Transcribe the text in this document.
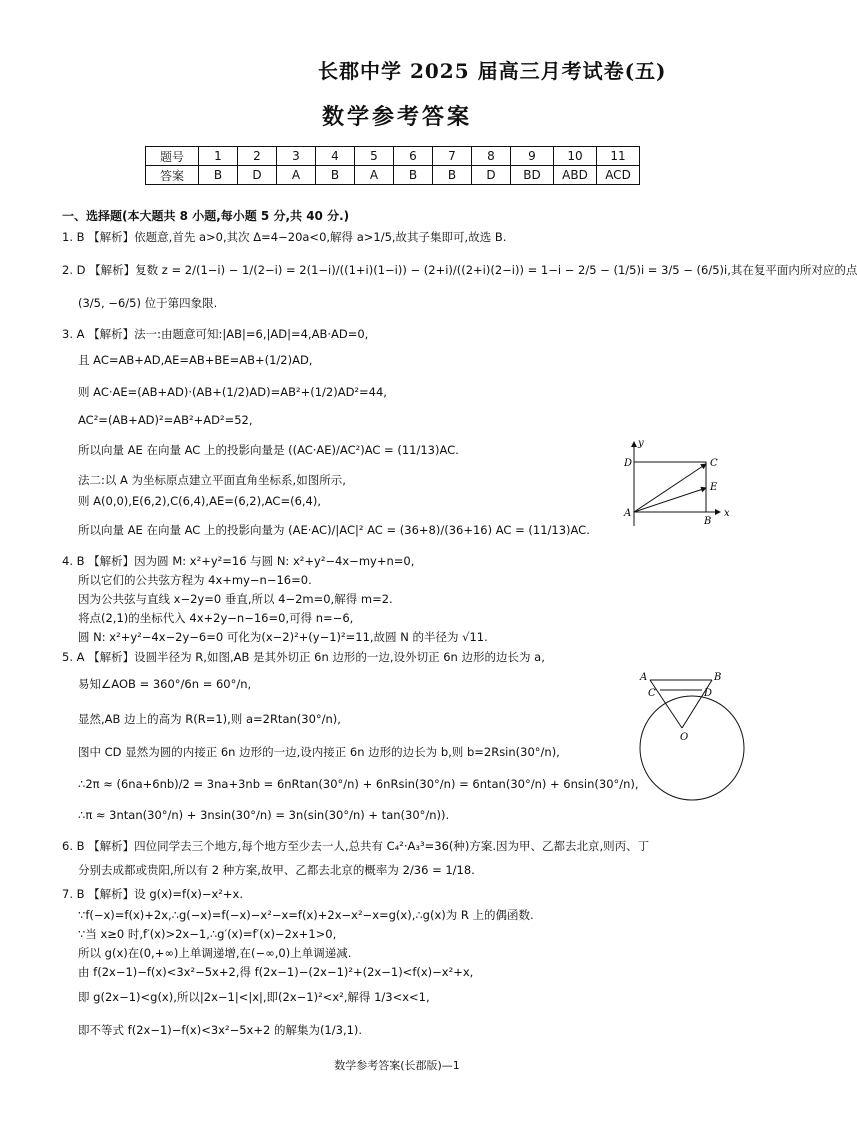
长郡中学 2025 届高三月考试卷(五)
数学参考答案
题号	1	2	3	4	5	6	7	8	9	10	11
答案	B	D	A	B	A	B	B	D	BD	ABD	ACD
一、选择题(本大题共 8 小题,每小题 5 分,共 40 分.)
1. B 【解析】依题意,首先 a>0,其次 Δ=4−20a<0,解得 a>1/5,故其子集即可,故选 B.
2. D 【解析】复数 z = 2/(1−i) − 1/(2−i) = 2(1−i)/((1+i)(1−i)) − (2+i)/((2+i)(2−i)) = 1−i − 2/5 − (1/5)i = 3/5 − (6/5)i,其在复平面内所对应的点
(3/5, −6/5) 位于第四象限.
3. A 【解析】法一:由题意可知:|AB|=6,|AD|=4,AB·AD=0,
且 AC=AB+AD,AE=AB+BE=AB+(1/2)AD,
则 AC·AE=(AB+AD)·(AB+(1/2)AD)=AB²+(1/2)AD²=44,
AC²=(AB+AD)²=AB²+AD²=52,
所以向量 AE 在向量 AC 上的投影向量是 ((AC·AE)/AC²)AC = (11/13)AC.
法二:以 A 为坐标原点建立平面直角坐标系,如图所示,
则 A(0,0),E(6,2),C(6,4),AE=(6,2),AC=(6,4),
所以向量 AE 在向量 AC 上的投影向量为 (AE·AC)/|AC|² AC = (36+8)/(36+16) AC = (11/13)AC.
4. B 【解析】因为圆 M: x²+y²=16 与圆 N: x²+y²−4x−my+n=0,
所以它们的公共弦方程为 4x+my−n−16=0.
因为公共弦与直线 x−2y=0 垂直,所以 4−2m=0,解得 m=2.
将点(2,1)的坐标代入 4x+2y−n−16=0,可得 n=−6,
圆 N: x²+y²−4x−2y−6=0 可化为(x−2)²+(y−1)²=11,故圆 N 的半径为 √11.
5. A 【解析】设圆半径为 R,如图,AB 是其外切正 6n 边形的一边,设外切正 6n 边形的边长为 a,
易知∠AOB = 360°/6n = 60°/n,
显然,AB 边上的高为 R(R=1),则 a=2Rtan(30°/n),
图中 CD 显然为圆的内接正 6n 边形的一边,设内接正 6n 边形的边长为 b,则 b=2Rsin(30°/n),
∴2π ≈ (6na+6nb)/2 = 3na+3nb = 6nRtan(30°/n) + 6nRsin(30°/n) = 6ntan(30°/n) + 6nsin(30°/n),
∴π ≈ 3ntan(30°/n) + 3nsin(30°/n) = 3n(sin(30°/n) + tan(30°/n)).
6. B 【解析】四位同学去三个地方,每个地方至少去一人,总共有 C₄²·A₃³=36(种)方案.因为甲、乙都去北京,则丙、丁
分别去成都或贵阳,所以有 2 种方案,故甲、乙都去北京的概率为 2/36 = 1/18.
7. B 【解析】设 g(x)=f(x)−x²+x.
∵f(−x)=f(x)+2x,∴g(−x)=f(−x)−x²−x=f(x)+2x−x²−x=g(x),∴g(x)为 R 上的偶函数.
∵当 x≥0 时,f′(x)>2x−1,∴g′(x)=f′(x)−2x+1>0,
所以 g(x)在(0,+∞)上单调递增,在(−∞,0)上单调递减.
由 f(2x−1)−f(x)<3x²−5x+2,得 f(2x−1)−(2x−1)²+(2x−1)<f(x)−x²+x,
即 g(2x−1)<g(x),所以|2x−1|<|x|,即(2x−1)²<x²,解得 1/3<x<1,
即不等式 f(2x−1)−f(x)<3x²−5x+2 的解集为(1/3,1).
y
x
D	C
E
A
B
A	B
C	D
O
数学参考答案(长郡版)—1
